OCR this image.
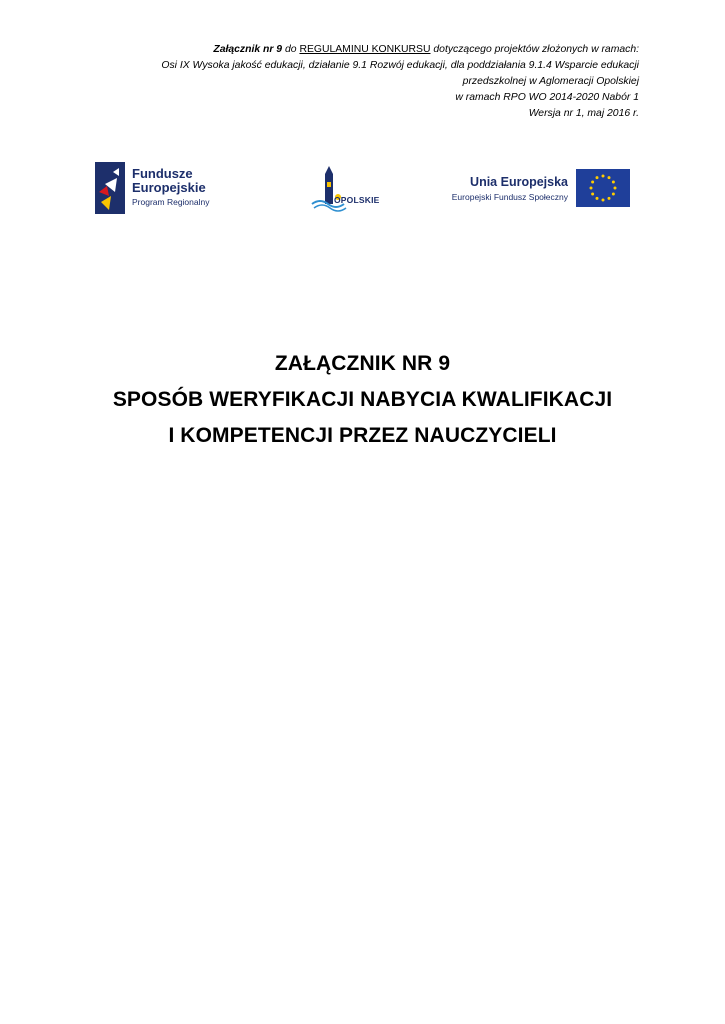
Załącznik nr 9 do REGULAMINU KONKURSU dotyczącego projektów złożonych w ramach:
Osi IX Wysoka jakość edukacji, działanie 9.1 Rozwój edukacji, dla poddziałania 9.1.4 Wsparcie edukacji
przedszkolnej w Aglomeracji Opolskiej
w ramach RPO WO 2014-2020 Nabór 1
Wersja nr 1, maj 2016 r.
Fundusze
Europejskie
Program Regionalny	OPOLSKIE
Unia Europejska
Europejski Fundusz Społeczny
ZAŁĄCZNIK NR 9
SPOSÓB WERYFIKACJI NABYCIA KWALIFIKACJI
I KOMPETENCJI PRZEZ NAUCZYCIELI
